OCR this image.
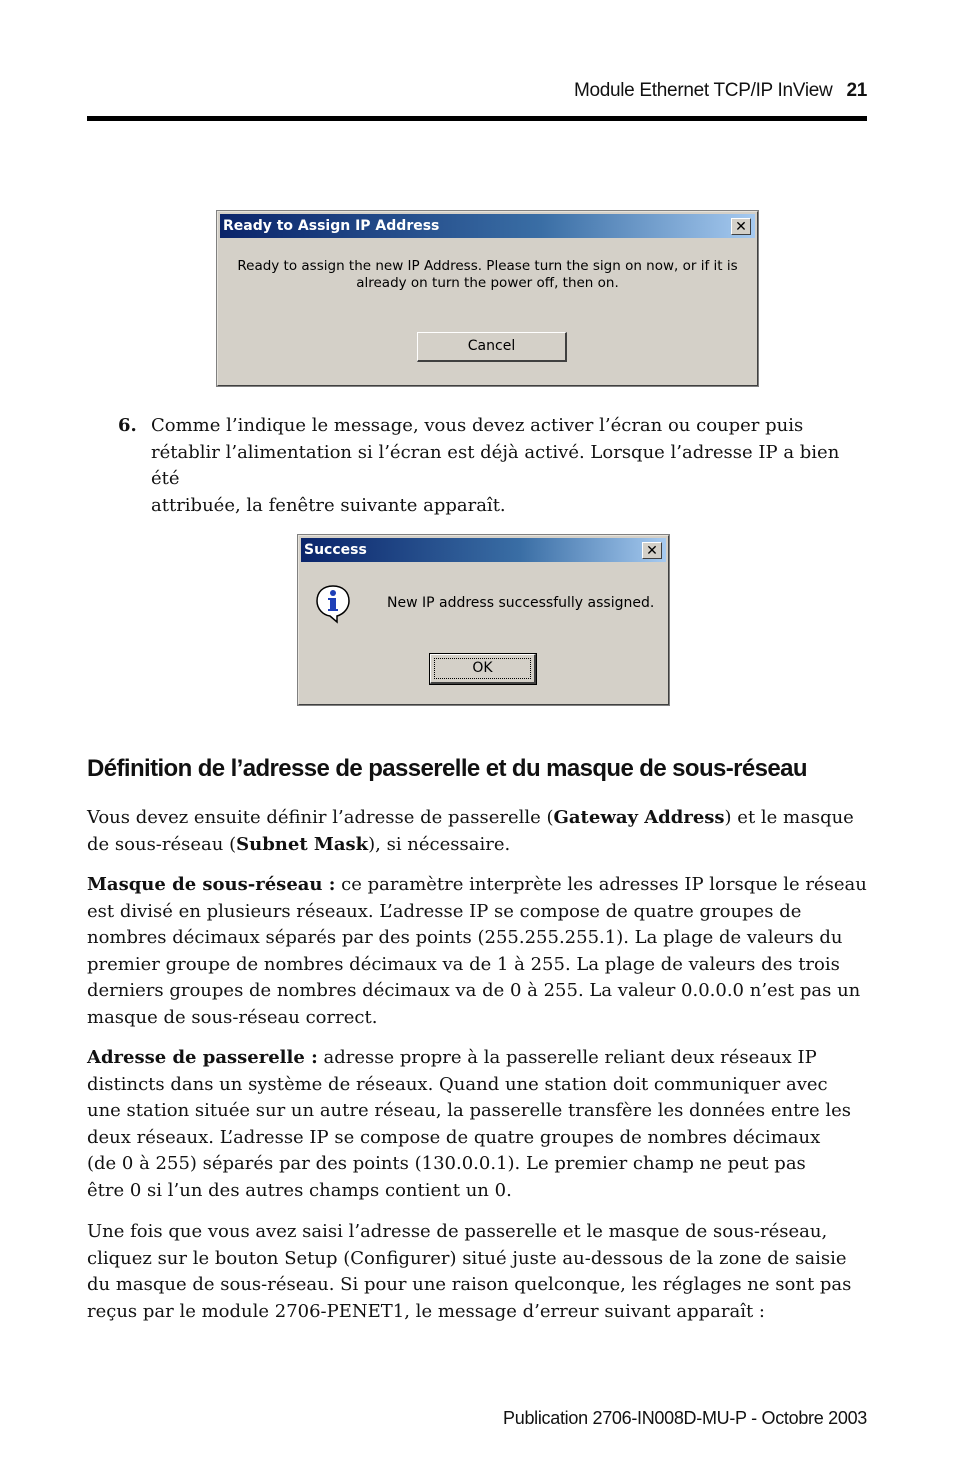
Module Ethernet TCP/IP InView 21
Ready to Assign IP Address	✕
Ready to assign the new IP Address. Please turn the sign on now, or if it is
already on turn the power off, then on.
Cancel
6. Comme l’indique le message, vous devez activer l’écran ou couper puis
rétablir l’alimentation si l’écran est déjà activé. Lorsque l’adresse IP a bien été
attribuée, la fenêtre suivante apparaît.
Success	✕
New IP address successfully assigned.
OK
Définition de l’adresse de passerelle et du masque de sous-réseau
Vous devez ensuite définir l’adresse de passerelle (Gateway Address) et le masque
de sous-réseau (Subnet Mask), si nécessaire.
Masque de sous-réseau : ce paramètre interprète les adresses IP lorsque le réseau
est divisé en plusieurs réseaux. L’adresse IP se compose de quatre groupes de
nombres décimaux séparés par des points (255.255.255.1). La plage de valeurs du
premier groupe de nombres décimaux va de 1 à 255. La plage de valeurs des trois
derniers groupes de nombres décimaux va de 0 à 255. La valeur 0.0.0.0 n’est pas un
masque de sous-réseau correct.
Adresse de passerelle : adresse propre à la passerelle reliant deux réseaux IP
distincts dans un système de réseaux. Quand une station doit communiquer avec
une station située sur un autre réseau, la passerelle transfère les données entre les
deux réseaux. L’adresse IP se compose de quatre groupes de nombres décimaux
(de 0 à 255) séparés par des points (130.0.0.1). Le premier champ ne peut pas
être 0 si l’un des autres champs contient un 0.
Une fois que vous avez saisi l’adresse de passerelle et le masque de sous-réseau,
cliquez sur le bouton Setup (Configurer) situé juste au-dessous de la zone de saisie
du masque de sous-réseau. Si pour une raison quelconque, les réglages ne sont pas
reçus par le module 2706-PENET1, le message d’erreur suivant apparaît :
Publication 2706-IN008D-MU-P - Octobre 2003
